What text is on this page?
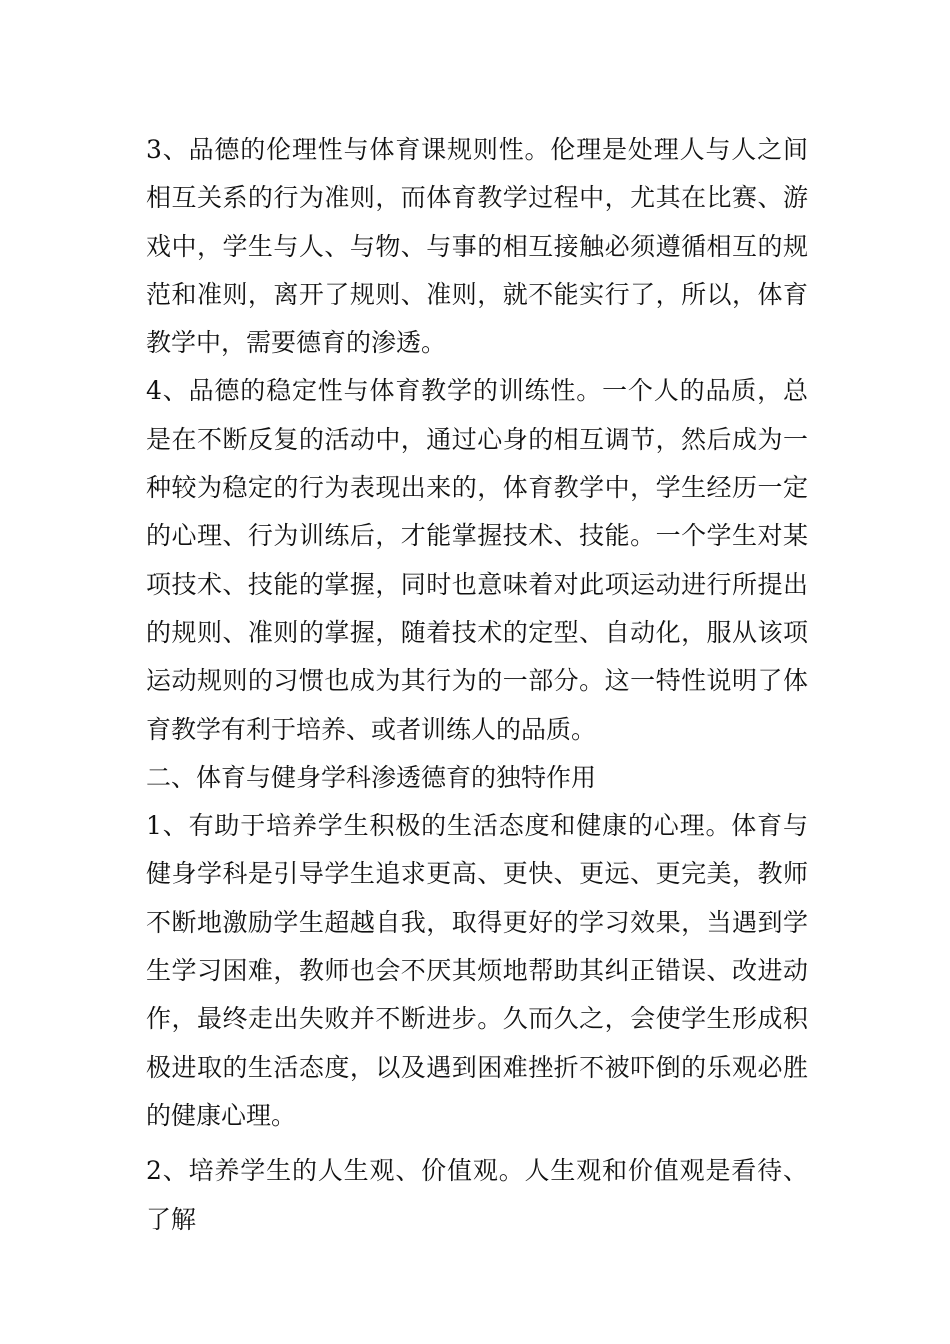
3、品德的伦理性与体育课规则性。伦理是处理人与人之间相互关系的行为准则，而体育教学过程中，尤其在比赛、游戏中，学生与人、与物、与事的相互接触必须遵循相互的规范和准则，离开了规则、准则，就不能实行了，所以，体育教学中，需要德育的渗透。

4、品德的稳定性与体育教学的训练性。一个人的品质，总是在不断反复的活动中，通过心身的相互调节，然后成为一种较为稳定的行为表现出来的，体育教学中，学生经历一定的心理、行为训练后，才能掌握技术、技能。一个学生对某项技术、技能的掌握，同时也意味着对此项运动进行所提出的规则、准则的掌握，随着技术的定型、自动化，服从该项运动规则的习惯也成为其行为的一部分。这一特性说明了体育教学有利于培养、或者训练人的品质。

二、体育与健身学科渗透德育的独特作用

1、有助于培养学生积极的生活态度和健康的心理。体育与健身学科是引导学生追求更高、更快、更远、更完美，教师不断地激励学生超越自我，取得更好的学习效果，当遇到学生学习困难，教师也会不厌其烦地帮助其纠正错误、改进动作，最终走出失败并不断进步。久而久之，会使学生形成积极进取的生活态度，以及遇到困难挫折不被吓倒的乐观必胜的健康心理。

2、培养学生的人生观、价值观。人生观和价值观是看待、了解
